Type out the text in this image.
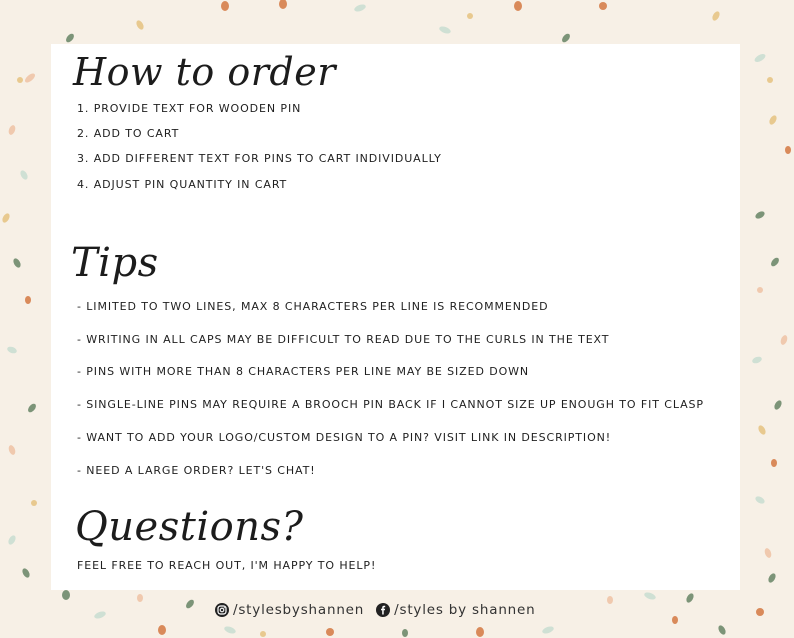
How to order
1. PROVIDE TEXT FOR WOODEN PIN
2. ADD TO CART
3. ADD DIFFERENT TEXT FOR PINS TO CART INDIVIDUALLY
4. ADJUST PIN QUANTITY IN CART
Tips
- LIMITED TO TWO LINES, MAX 8 CHARACTERS PER LINE IS RECOMMENDED
- WRITING IN ALL CAPS MAY BE DIFFICULT TO READ DUE TO THE CURLS IN THE TEXT
- PINS WITH MORE THAN 8 CHARACTERS PER LINE MAY BE SIZED DOWN
- SINGLE-LINE PINS MAY REQUIRE A BROOCH PIN BACK IF I CANNOT SIZE UP ENOUGH TO FIT CLASP
- WANT TO ADD YOUR LOGO/CUSTOM DESIGN TO A PIN? VISIT LINK IN DESCRIPTION!
- NEED A LARGE ORDER? LET'S CHAT!
Questions?
FEEL FREE TO REACH OUT, I'M HAPPY TO HELP!
/stylesbyshannen /styles by shannen
